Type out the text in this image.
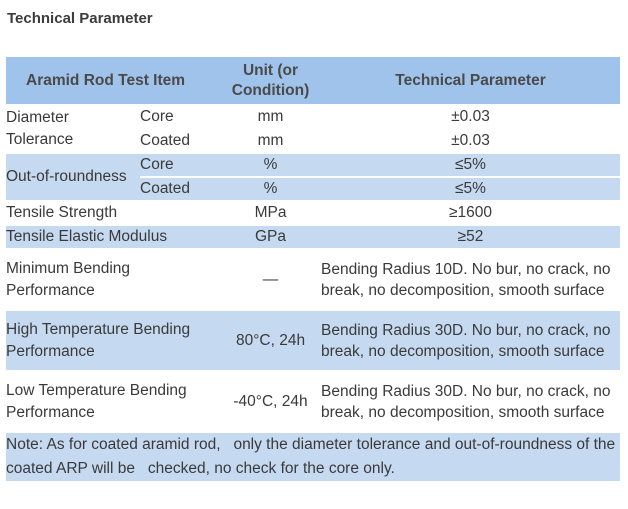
Technical Parameter
Aramid Rod Test Item		Unit (or Condition)	Technical Parameter
Diameter Tolerance	Core	mm	±0.03
	Coated	mm	±0.03
Out-of-roundness	Core	%	≤5%
	Coated	%	≤5%
Tensile Strength		MPa	≥1600
Tensile Elastic Modulus		GPa	≥52
Minimum Bending Performance		—	Bending Radius 10D. No bur, no crack, no break, no decomposition, smooth surface
High Temperature Bending Performance		80°C, 24h	Bending Radius 30D. No bur, no crack, no break, no decomposition, smooth surface
Low Temperature Bending Performance		-40°C, 24h	Bending Radius 30D. No bur, no crack, no break, no decomposition, smooth surface
Note: As for coated aramid rod,   only the diameter tolerance and out-of-roundness of the coated ARP will be   checked, no check for the core only.			
